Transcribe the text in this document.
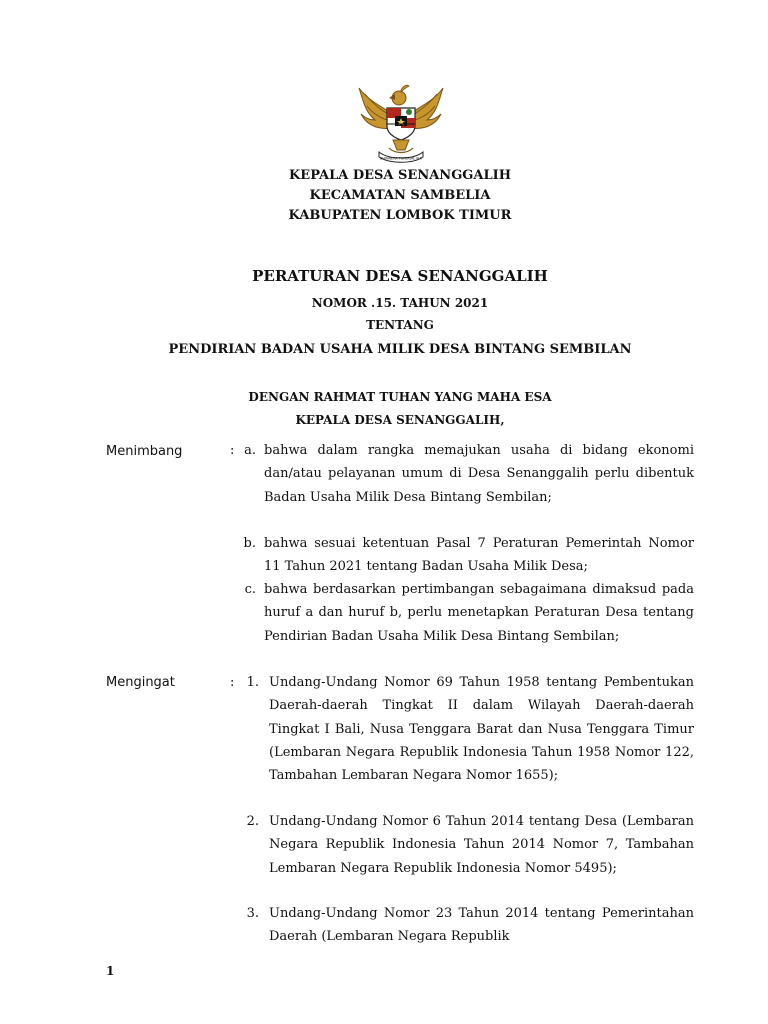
BHINNEKA TUNGGAL IKA
KEPALA DESA SENANGGALIH
KECAMATAN SAMBELIA
KABUPATEN LOMBOK TIMUR
PERATURAN DESA SENANGGALIH
NOMOR .15. TAHUN 2021
TENTANG
PENDIRIAN BADAN USAHA MILIK DESA BINTANG SEMBILAN
DENGAN RAHMAT TUHAN YANG MAHA ESA
KEPALA DESA SENANGGALIH,
Menimbang	: a. bahwa dalam rangka memajukan usaha di bidang ekonomi dan/atau pelayanan umum di Desa Senanggalih perlu dibentuk Badan Usaha Milik Desa Bintang Sembilan;
b. bahwa sesuai ketentuan Pasal 7 Peraturan Pemerintah Nomor 11 Tahun 2021 tentang Badan Usaha Milik Desa;
c. bahwa berdasarkan pertimbangan sebagaimana dimaksud pada huruf a dan huruf b, perlu menetapkan Peraturan Desa tentang Pendirian Badan Usaha Milik Desa Bintang Sembilan;
Mengingat	: 1. Undang-Undang Nomor 69 Tahun 1958 tentang Pembentukan Daerah-daerah Tingkat II dalam Wilayah Daerah-daerah Tingkat I Bali, Nusa Tenggara Barat dan Nusa Tenggara Timur (Lembaran Negara Republik Indonesia Tahun 1958 Nomor 122, Tambahan Lembaran Negara Nomor 1655);
2. Undang-Undang Nomor 6 Tahun 2014 tentang Desa (Lembaran Negara Republik Indonesia Tahun 2014 Nomor 7, Tambahan Lembaran Negara Republik Indonesia Nomor 5495);
3. Undang-Undang Nomor 23 Tahun 2014 tentang Pemerintahan Daerah (Lembaran Negara Republik
1
